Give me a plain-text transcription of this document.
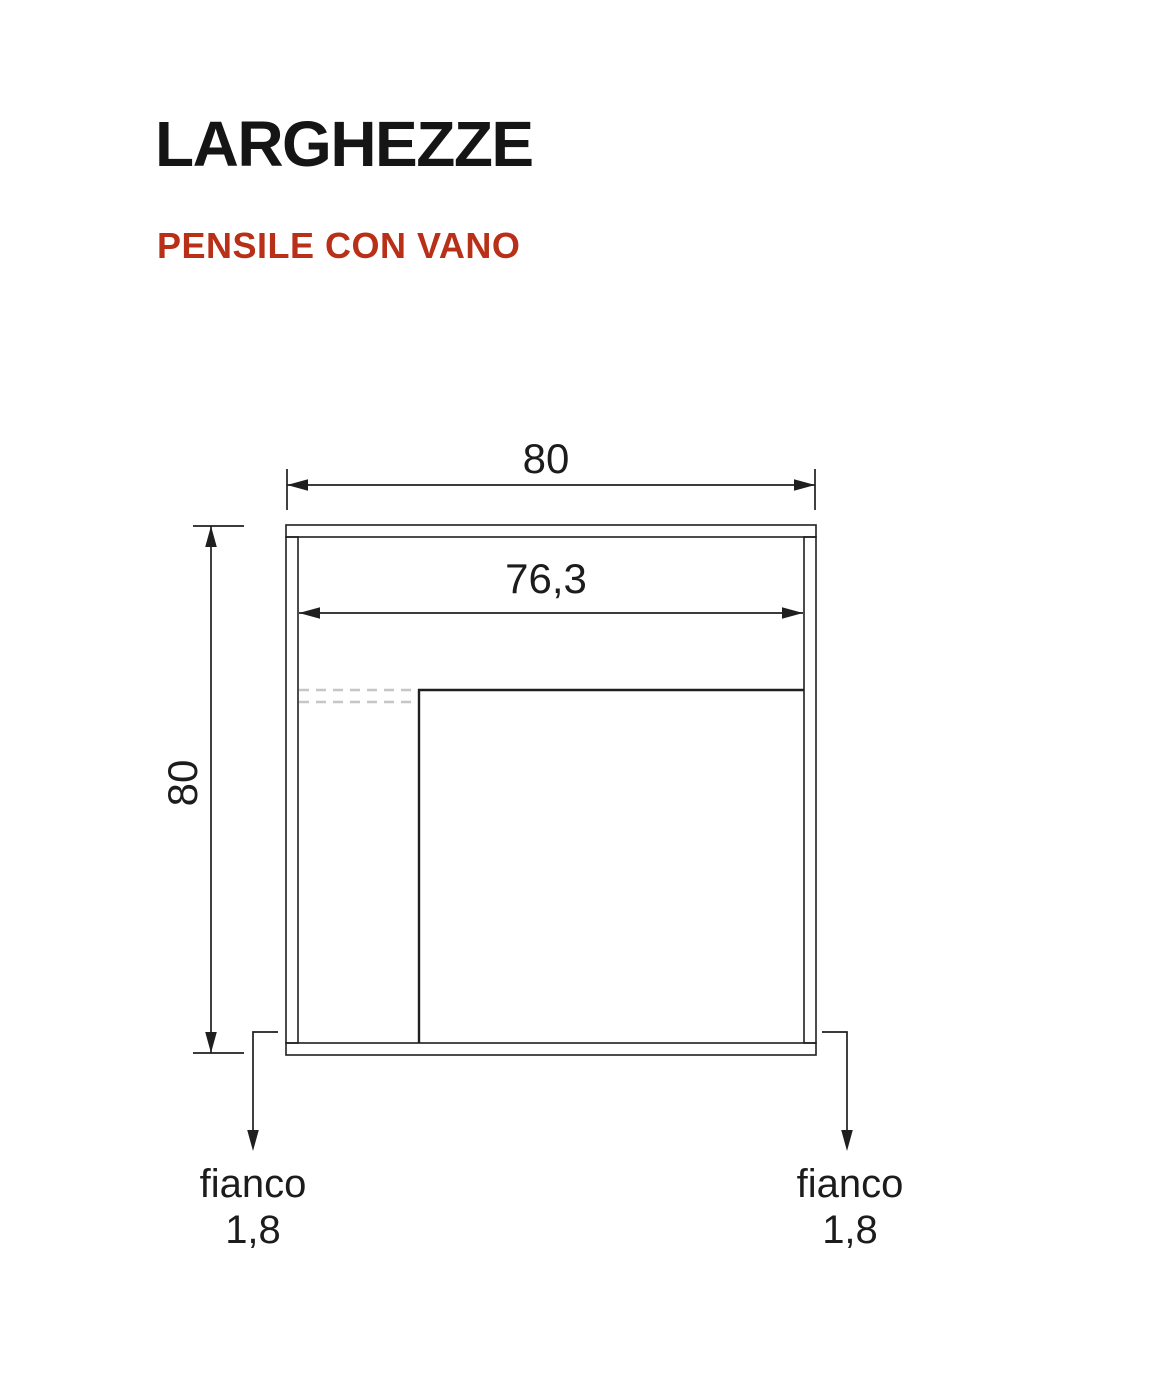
LARGHEZZE
PENSILE CON VANO
80
76,3
80
fianco
1,8
fianco
1,8
